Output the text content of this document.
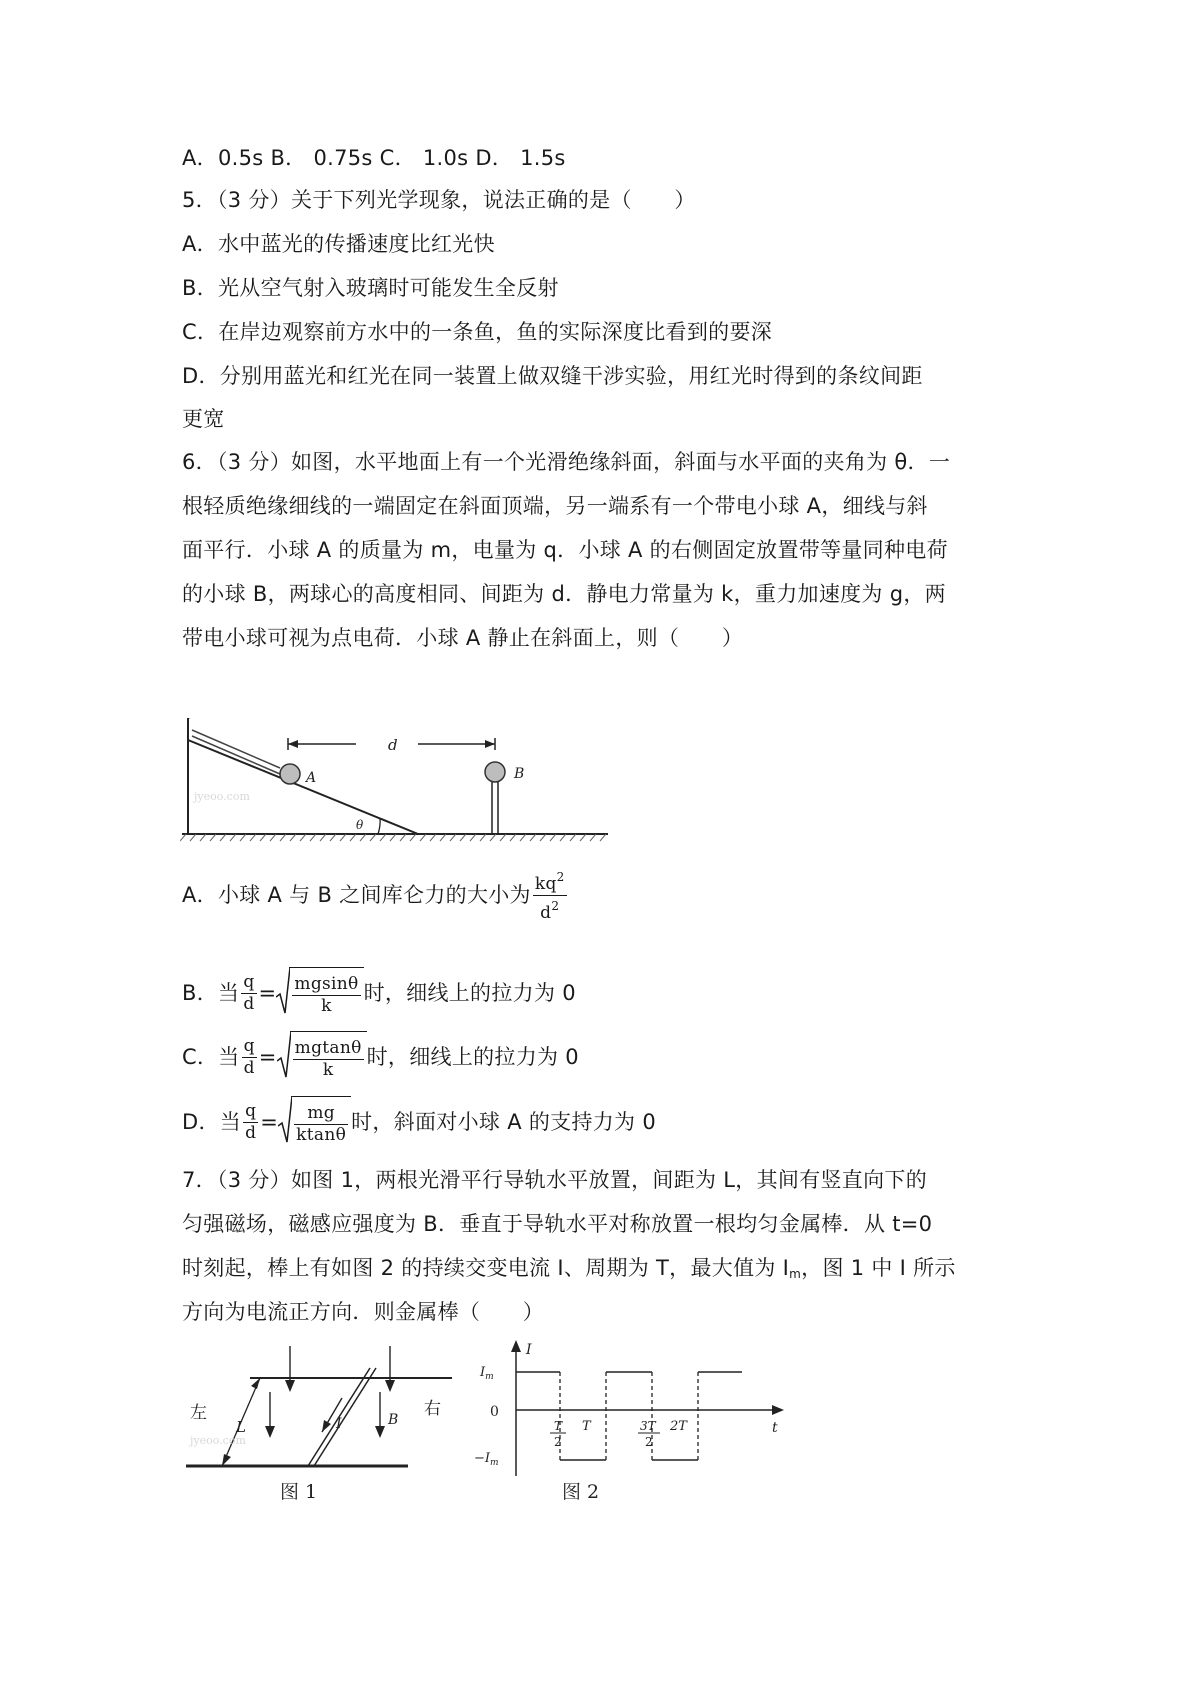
A．0.5s B． 0.75s C． 1.0s D． 1.5s
5．（3 分）关于下列光学现象，说法正确的是（　　）
A．水中蓝光的传播速度比红光快
B．光从空气射入玻璃时可能发生全反射
C．在岸边观察前方水中的一条鱼，鱼的实际深度比看到的要深
D．分别用蓝光和红光在同一装置上做双缝干涉实验，用红光时得到的条纹间距
更宽
6．（3 分）如图，水平地面上有一个光滑绝缘斜面，斜面与水平面的夹角为 θ．一
根轻质绝缘细线的一端固定在斜面顶端，另一端系有一个带电小球 A，细线与斜
面平行．小球 A 的质量为 m，电量为 q．小球 A 的右侧固定放置带等量同种电荷
的小球 B，两球心的高度相同、间距为 d．静电力常量为 k，重力加速度为 g，两
带电小球可视为点电荷．小球 A 静止在斜面上，则（　　）
A	B
d
θ
jyeoo.com
A．小球 A 与 B 之间库仑力的大小为 $\frac{kq^2}{d^2}$
B．当 $\frac{q}{d} = \frac{mgsin\theta}{k}$ 时，细线上的拉力为 0
C．当 $\frac{q}{d} = \frac{mgtan\theta}{k}$ 时，细线上的拉力为 0
D．当 $\frac{q}{d} = \frac{mg}{ktan\theta}$ 时，斜面对小球 A 的支持力为 0
7．（3 分）如图 1，两根光滑平行导轨水平放置，间距为 L，其间有竖直向下的
匀强磁场，磁感应强度为 B．垂直于导轨水平对称放置一根均匀金属棒．从 t=0
时刻起，棒上有如图 2 的持续交变电流 I、周期为 T，最大值为 $I_m$，图 1 中 I 所示
方向为电流正方向．则金属棒（　　）
L	I	B
左	右
jyeoo.com
图 1
I
t
$I_m$
0
$-I_m$
T
2
T	3T
2
2T
图 2
